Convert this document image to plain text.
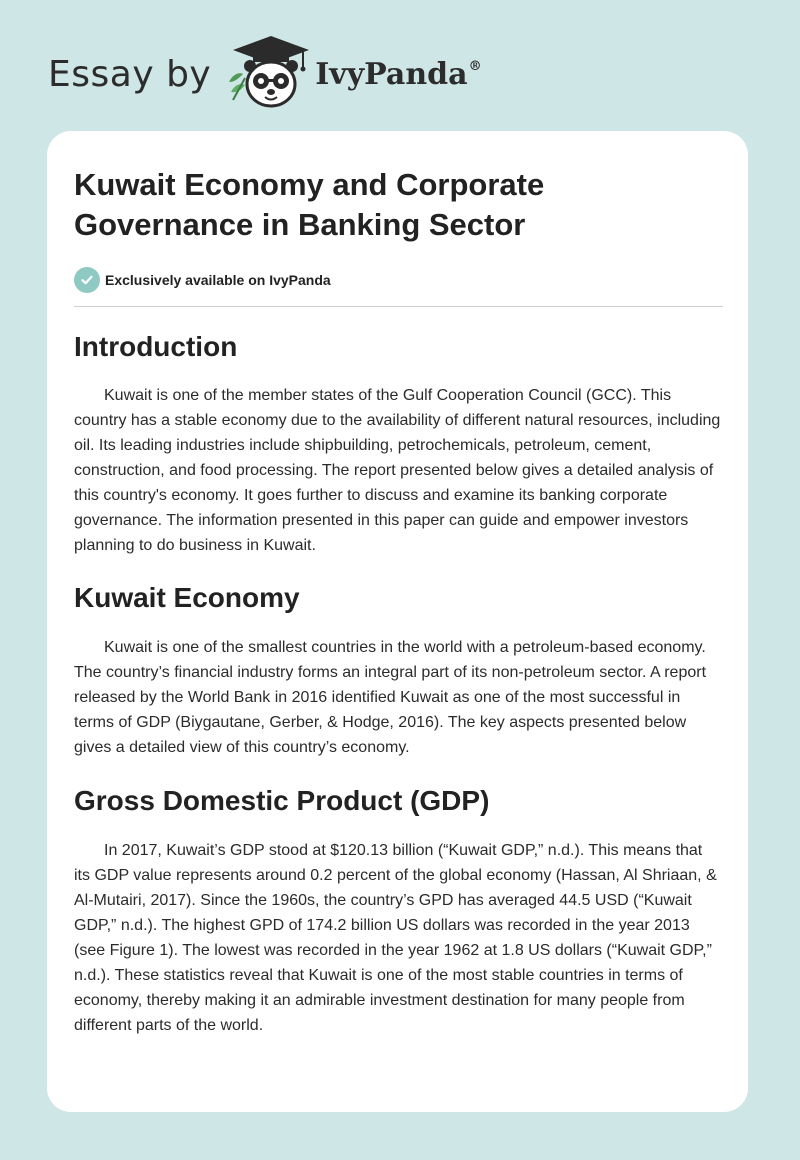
Essay by	IvyPanda®
Kuwait Economy and Corporate Governance in Banking Sector
Exclusively available on IvyPanda
Introduction

Kuwait is one of the member states of the Gulf Cooperation Council (GCC). This country has a stable economy due to the availability of different natural resources, including oil. Its leading industries include shipbuilding, petrochemicals, petroleum, cement, construction, and food processing. The report presented below gives a detailed analysis of this country's economy. It goes further to discuss and examine its banking corporate governance. The information presented in this paper can guide and empower investors planning to do business in Kuwait.

Kuwait Economy

Kuwait is one of the smallest countries in the world with a petroleum-based economy. The country’s financial industry forms an integral part of its non-petroleum sector. A report released by the World Bank in 2016 identified Kuwait as one of the most successful in terms of GDP (Biygautane, Gerber, & Hodge, 2016). The key aspects presented below gives a detailed view of this country’s economy.

Gross Domestic Product (GDP)

In 2017, Kuwait’s GDP stood at $120.13 billion (“Kuwait GDP,” n.d.). This means that its GDP value represents around 0.2 percent of the global economy (Hassan, Al Shriaan, & Al-Mutairi, 2017). Since the 1960s, the country’s GPD has averaged 44.5 USD (“Kuwait GDP,” n.d.). The highest GPD of 174.2 billion US dollars was recorded in the year 2013 (see Figure 1). The lowest was recorded in the year 1962 at 1.8 US dollars (“Kuwait GDP,” n.d.). These statistics reveal that Kuwait is one of the most stable countries in terms of economy, thereby making it an admirable investment destination for many people from different parts of the world.
